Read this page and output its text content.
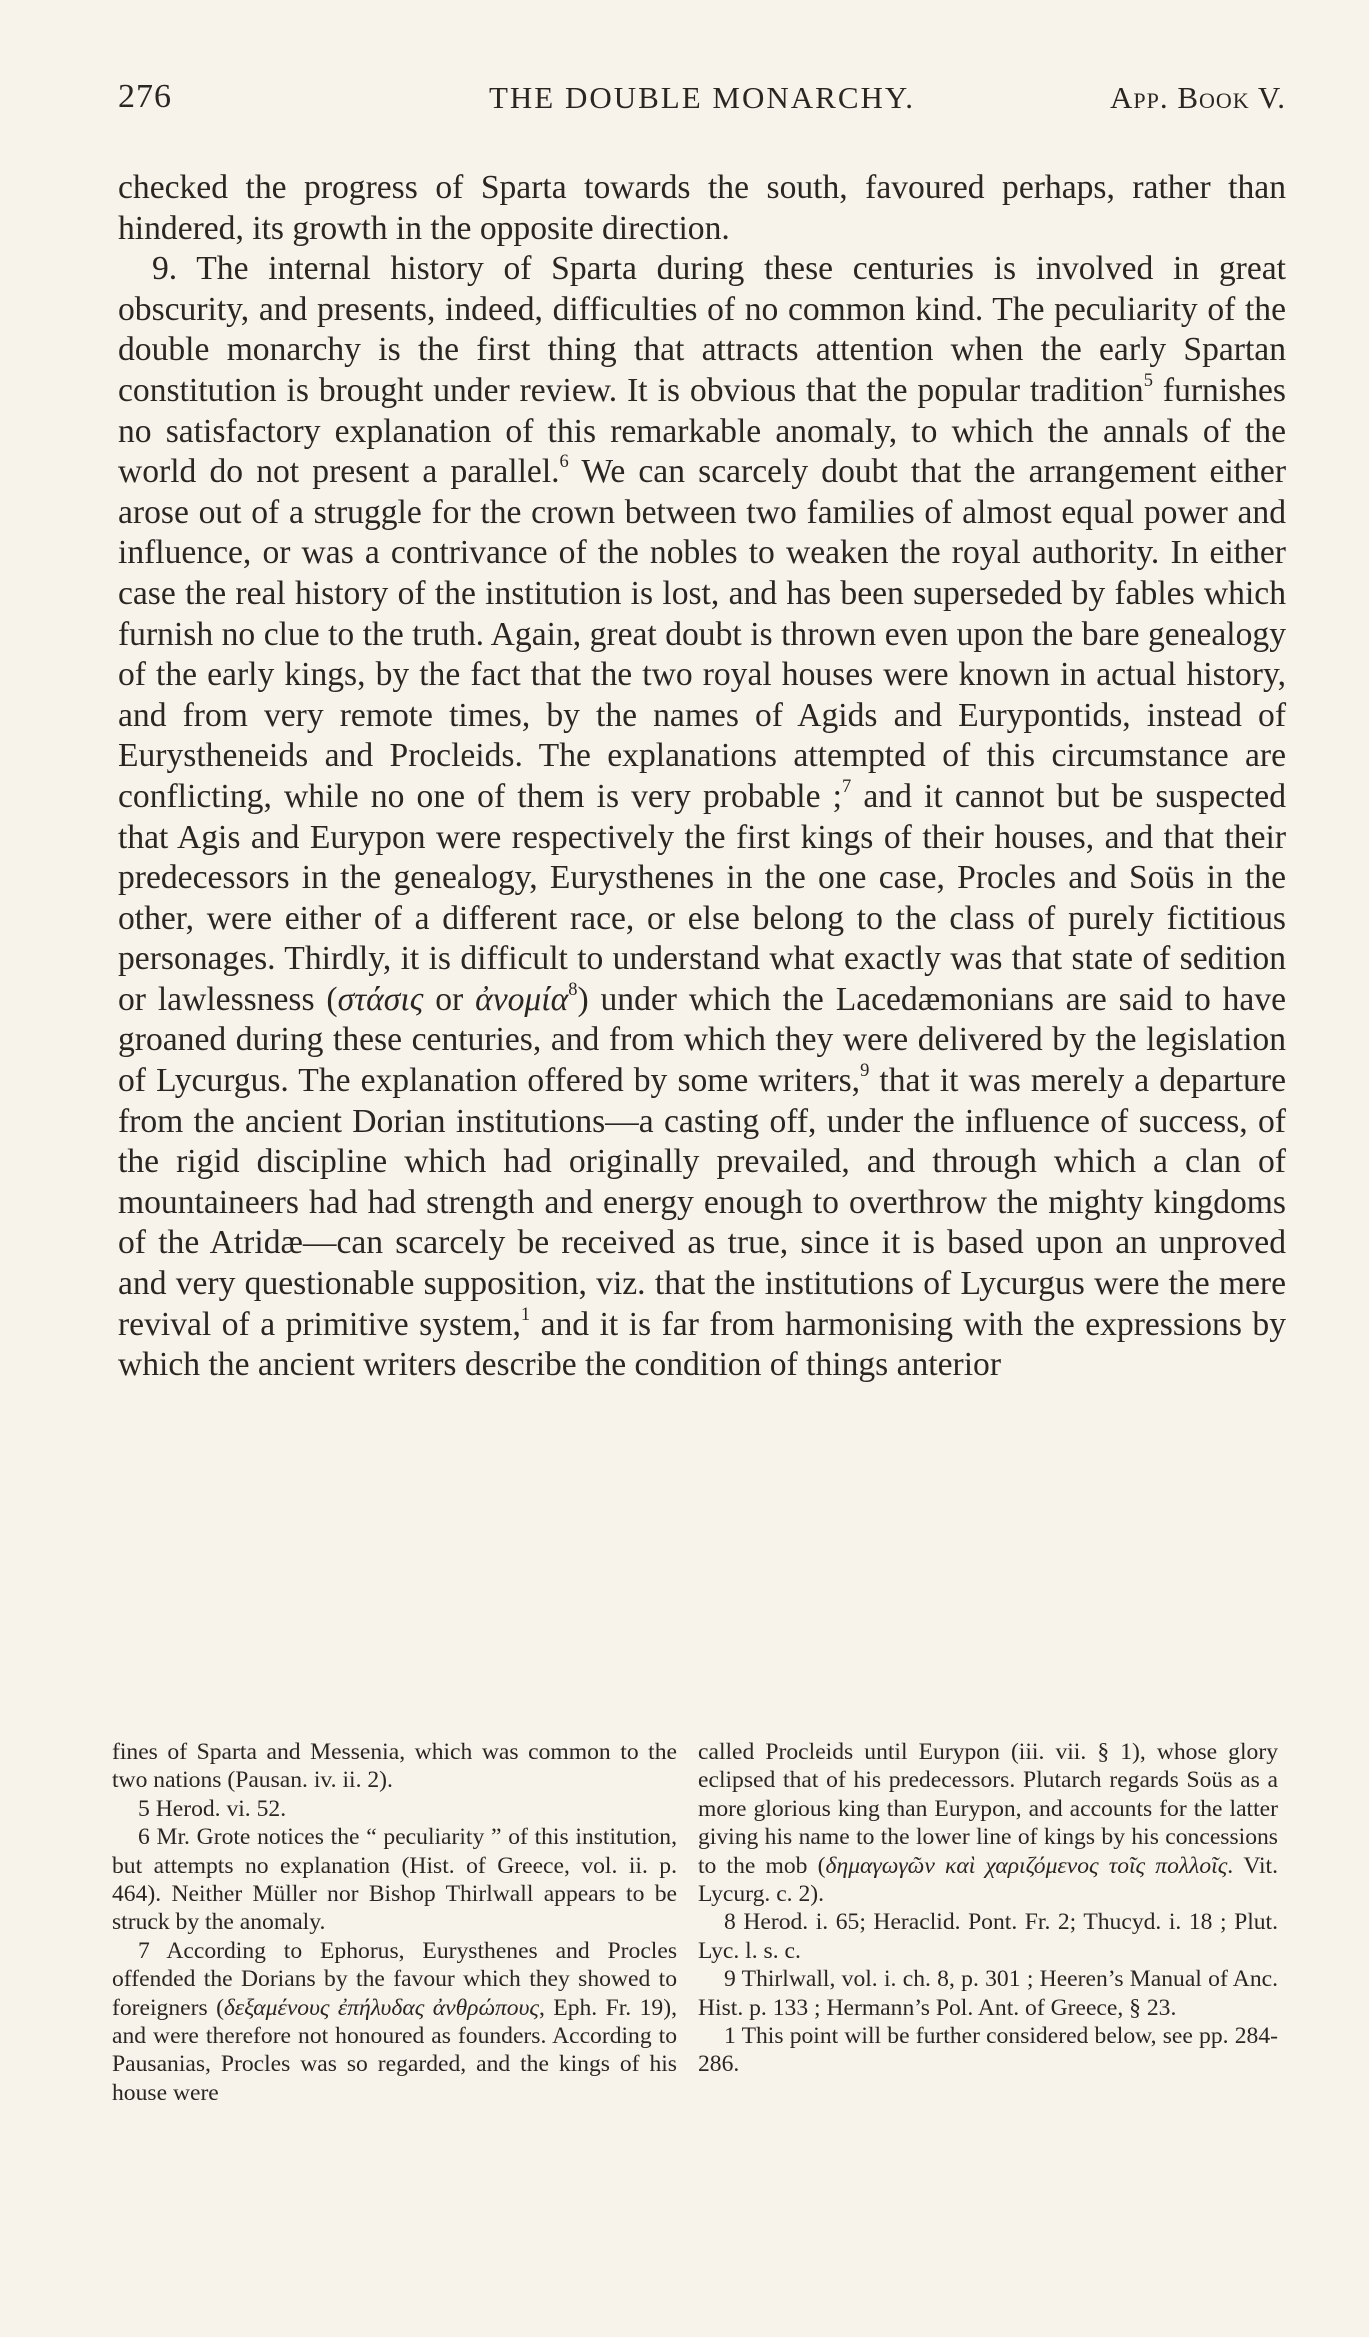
276	THE DOUBLE MONARCHY.	App. Book V.

checked the progress of Sparta towards the south, favoured perhaps, rather than hindered, its growth in the opposite direction.

9. The internal history of Sparta during these centuries is involved in great obscurity, and presents, indeed, difficulties of no common kind. The peculiarity of the double monarchy is the first thing that attracts attention when the early Spartan constitution is brought under review. It is obvious that the popular tradition$^5$ furnishes no satisfactory explanation of this remarkable anomaly, to which the annals of the world do not present a parallel.$^6$ We can scarcely doubt that the arrangement either arose out of a struggle for the crown between two families of almost equal power and influence, or was a contrivance of the nobles to weaken the royal authority. In either case the real history of the institution is lost, and has been superseded by fables which furnish no clue to the truth. Again, great doubt is thrown even upon the bare genealogy of the early kings, by the fact that the two royal houses were known in actual history, and from very remote times, by the names of Agids and Eurypontids, instead of Eurystheneids and Procleids. The explanations attempted of this circumstance are conflicting, while no one of them is very probable ;$^7$ and it cannot but be suspected that Agis and Eurypon were respectively the first kings of their houses, and that their predecessors in the genealogy, Eurysthenes in the one case, Procles and Soüs in the other, were either of a different race, or else belong to the class of purely fictitious personages. Thirdly, it is difficult to understand what exactly was that state of sedition or lawlessness (στάσις or ἀνομία$^8$) under which the Lacedæmonians are said to have groaned during these centuries, and from which they were delivered by the legislation of Lycurgus. The explanation offered by some writers,$^9$ that it was merely a departure from the ancient Dorian institutions—a casting off, under the influence of success, of the rigid discipline which had originally prevailed, and through which a clan of mountaineers had had strength and energy enough to overthrow the mighty kingdoms of the Atridæ—can scarcely be received as true, since it is based upon an unproved and very questionable supposition, viz. that the institutions of Lycurgus were the mere revival of a primitive system,$^1$ and it is far from harmonising with the expressions by which the ancient writers describe the condition of things anterior

fines of Sparta and Messenia, which was common to the two nations (Pausan. iv. ii. 2).

5 Herod. vi. 52.

6 Mr. Grote notices the “ peculiarity ” of this institution, but attempts no explanation (Hist. of Greece, vol. ii. p. 464). Neither Müller nor Bishop Thirlwall appears to be struck by the anomaly.

7 According to Ephorus, Eurysthenes and Procles offended the Dorians by the favour which they showed to foreigners (δεξαμένους ἐπήλυδας ἀνθρώπους, Eph. Fr. 19), and were therefore not honoured as founders. According to Pausanias, Procles was so regarded, and the kings of his house were

called Procleids until Eurypon (iii. vii. § 1), whose glory eclipsed that of his predecessors. Plutarch regards Soüs as a more glorious king than Eurypon, and accounts for the latter giving his name to the lower line of kings by his concessions to the mob (δημαγωγῶν καὶ χαριζόμενος τοῖς πολλοῖς. Vit. Lycurg. c. 2).

8 Herod. i. 65; Heraclid. Pont. Fr. 2; Thucyd. i. 18 ; Plut. Lyc. l. s. c.

9 Thirlwall, vol. i. ch. 8, p. 301 ; Heeren’s Manual of Anc. Hist. p. 133 ; Hermann’s Pol. Ant. of Greece, § 23.

1 This point will be further considered below, see pp. 284-286.
